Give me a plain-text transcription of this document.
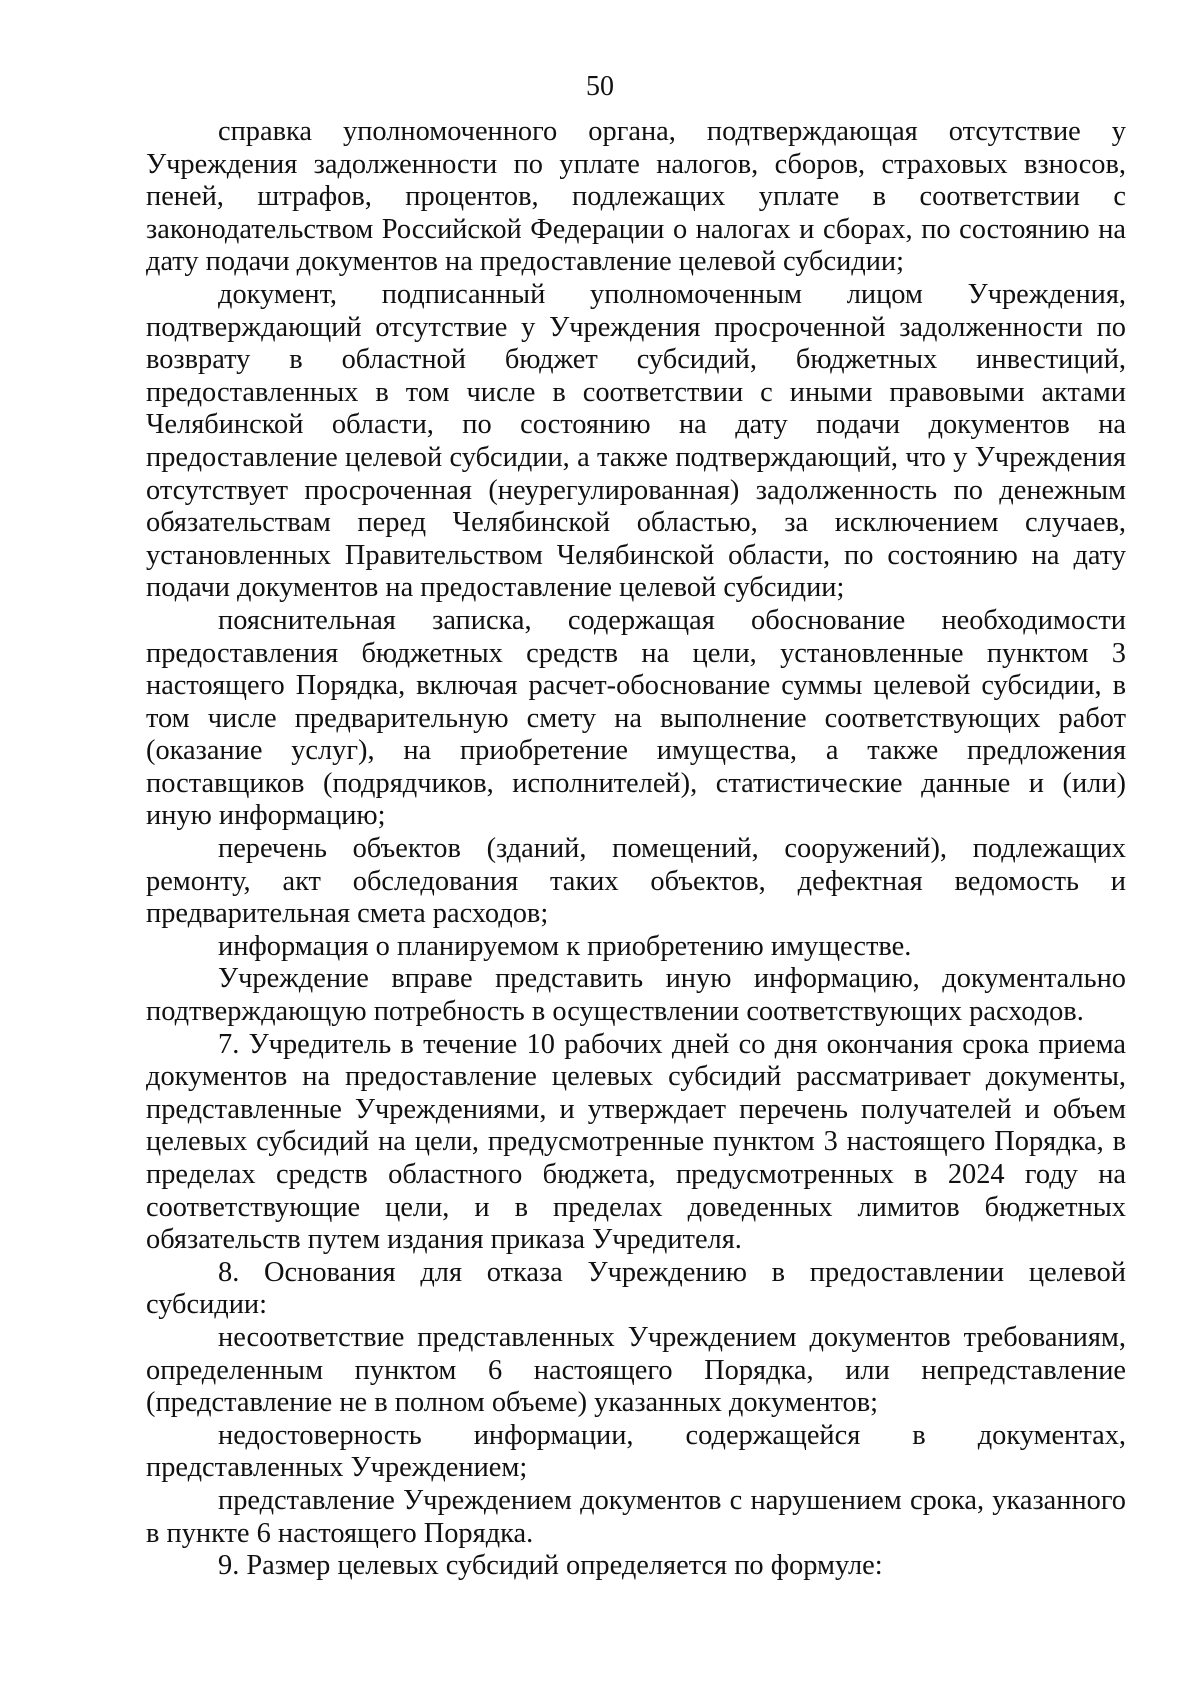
50

справка уполномоченного органа, подтверждающая отсутствие у Учреждения задолженности по уплате налогов, сборов, страховых взносов, пеней, штрафов, процентов, подлежащих уплате в соответствии с законодательством Российской Федерации о налогах и сборах, по состоянию на дату подачи документов на предоставление целевой субсидии;

документ, подписанный уполномоченным лицом Учреждения, подтверждающий отсутствие у Учреждения просроченной задолженности по возврату в областной бюджет субсидий, бюджетных инвестиций, предоставленных в том числе в соответствии с иными правовыми актами Челябинской области, по состоянию на дату подачи документов на предоставление целевой субсидии, а также подтверждающий, что у Учреждения отсутствует просроченная (неурегулированная) задолженность по денежным обязательствам перед Челябинской областью, за исключением случаев, установленных Правительством Челябинской области, по состоянию на дату подачи документов на предоставление целевой субсидии;

пояснительная записка, содержащая обоснование необходимости предоставления бюджетных средств на цели, установленные пунктом 3 настоящего Порядка, включая расчет-обоснование суммы целевой субсидии, в том числе предварительную смету на выполнение соответствующих работ (оказание услуг), на приобретение имущества, а также предложения поставщиков (подрядчиков, исполнителей), статистические данные и (или) иную информацию;

перечень объектов (зданий, помещений, сооружений), подлежащих ремонту, акт обследования таких объектов, дефектная ведомость и предварительная смета расходов;

информация о планируемом к приобретению имуществе.

Учреждение вправе представить иную информацию, документально подтверждающую потребность в осуществлении соответствующих расходов.

7. Учредитель в течение 10 рабочих дней со дня окончания срока приема документов на предоставление целевых субсидий рассматривает документы, представленные Учреждениями, и утверждает перечень получателей и объем целевых субсидий на цели, предусмотренные пунктом 3 настоящего Порядка, в пределах средств областного бюджета, предусмотренных в 2024 году на соответствующие цели, и в пределах доведенных лимитов бюджетных обязательств путем издания приказа Учредителя.

8. Основания для отказа Учреждению в предоставлении целевой субсидии:

несоответствие представленных Учреждением документов требованиям, определенным пунктом 6 настоящего Порядка, или непредставление (представление не в полном объеме) указанных документов;

недостоверность информации, содержащейся в документах, представленных Учреждением;

представление Учреждением документов с нарушением срока, указанного в пункте 6 настоящего Порядка.

9. Размер целевых субсидий определяется по формуле:
